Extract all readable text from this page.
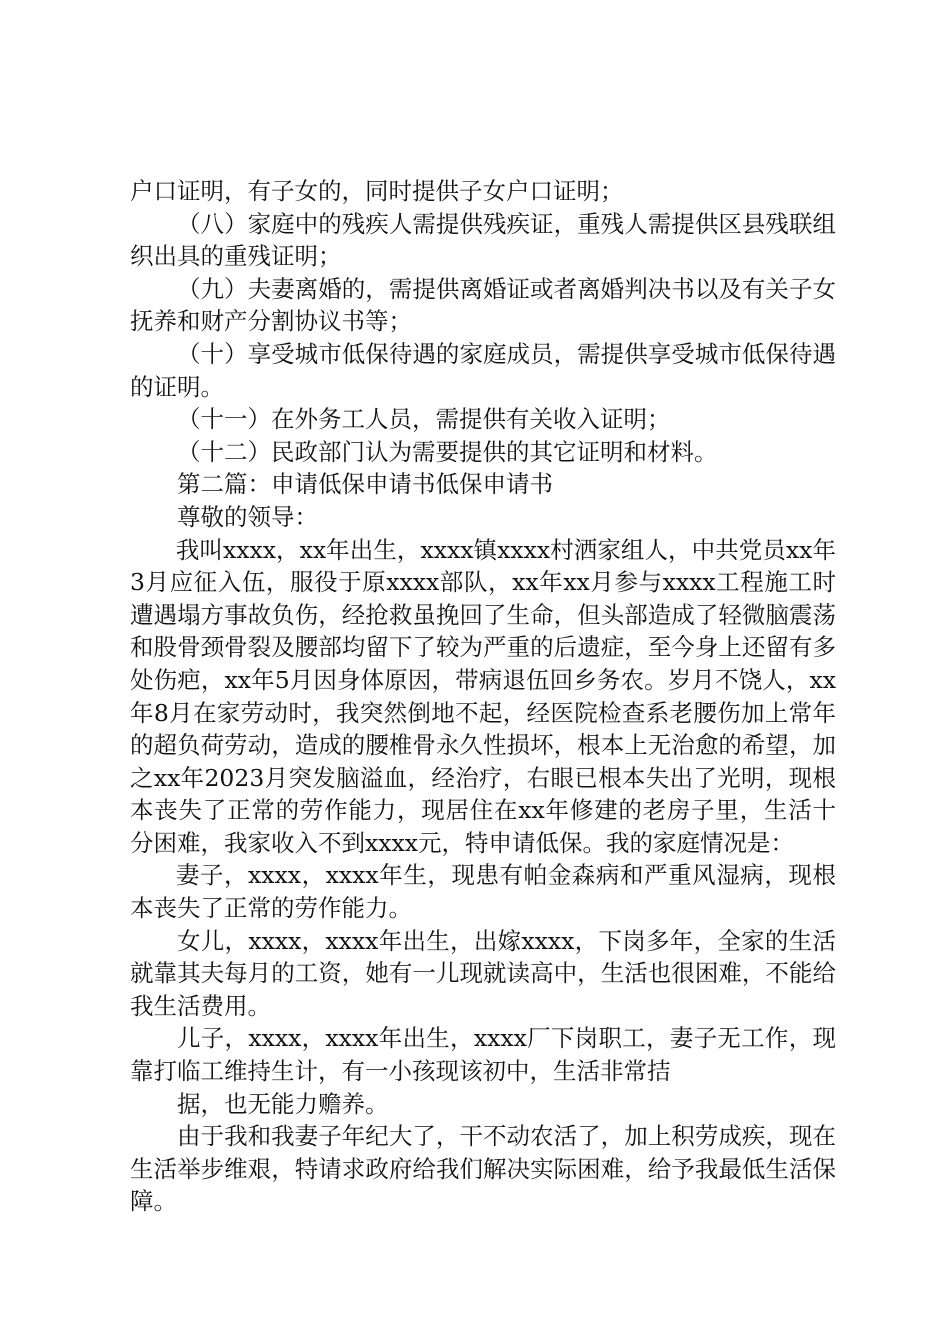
户口证明，有子女的，同时提供子女户口证明；

（八）家庭中的残疾人需提供残疾证，重残人需提供区县残联组织出具的重残证明；

（九）夫妻离婚的，需提供离婚证或者离婚判决书以及有关子女抚养和财产分割协议书等；

（十）享受城市低保待遇的家庭成员，需提供享受城市低保待遇的证明。

（十一）在外务工人员，需提供有关收入证明；

（十二）民政部门认为需要提供的其它证明和材料。

第二篇：申请低保申请书低保申请书

尊敬的领导：

我叫xxxx，xx年出生，xxxx镇xxxx村洒家组人，中共党员xx年3月应征入伍，服役于原xxxx部队，xx年xx月参与xxxx工程施工时遭遇塌方事故负伤，经抢救虽挽回了生命，但头部造成了轻微脑震荡和股骨颈骨裂及腰部均留下了较为严重的后遗症，至今身上还留有多处伤疤，xx年5月因身体原因，带病退伍回乡务农。岁月不饶人，xx年8月在家劳动时，我突然倒地不起，经医院检查系老腰伤加上常年的超负荷劳动，造成的腰椎骨永久性损坏，根本上无治愈的希望，加之xx年2023月突发脑溢血，经治疗，右眼已根本失出了光明，现根本丧失了正常的劳作能力，现居住在xx年修建的老房子里，生活十分困难，我家收入不到xxxx元，特申请低保。我的家庭情况是：

妻子，xxxx，xxxx年生，现患有帕金森病和严重风湿病，现根本丧失了正常的劳作能力。

女儿，xxxx，xxxx年出生，出嫁xxxx，下岗多年，全家的生活就靠其夫每月的工资，她有一儿现就读高中，生活也很困难，不能给我生活费用。

儿子，xxxx，xxxx年出生，xxxx厂下岗职工，妻子无工作，现靠打临工维持生计，有一小孩现该初中，生活非常拮

据，也无能力赡养。

由于我和我妻子年纪大了，干不动农活了，加上积劳成疾，现在生活举步维艰，特请求政府给我们解决实际困难，给予我最低生活保障。
